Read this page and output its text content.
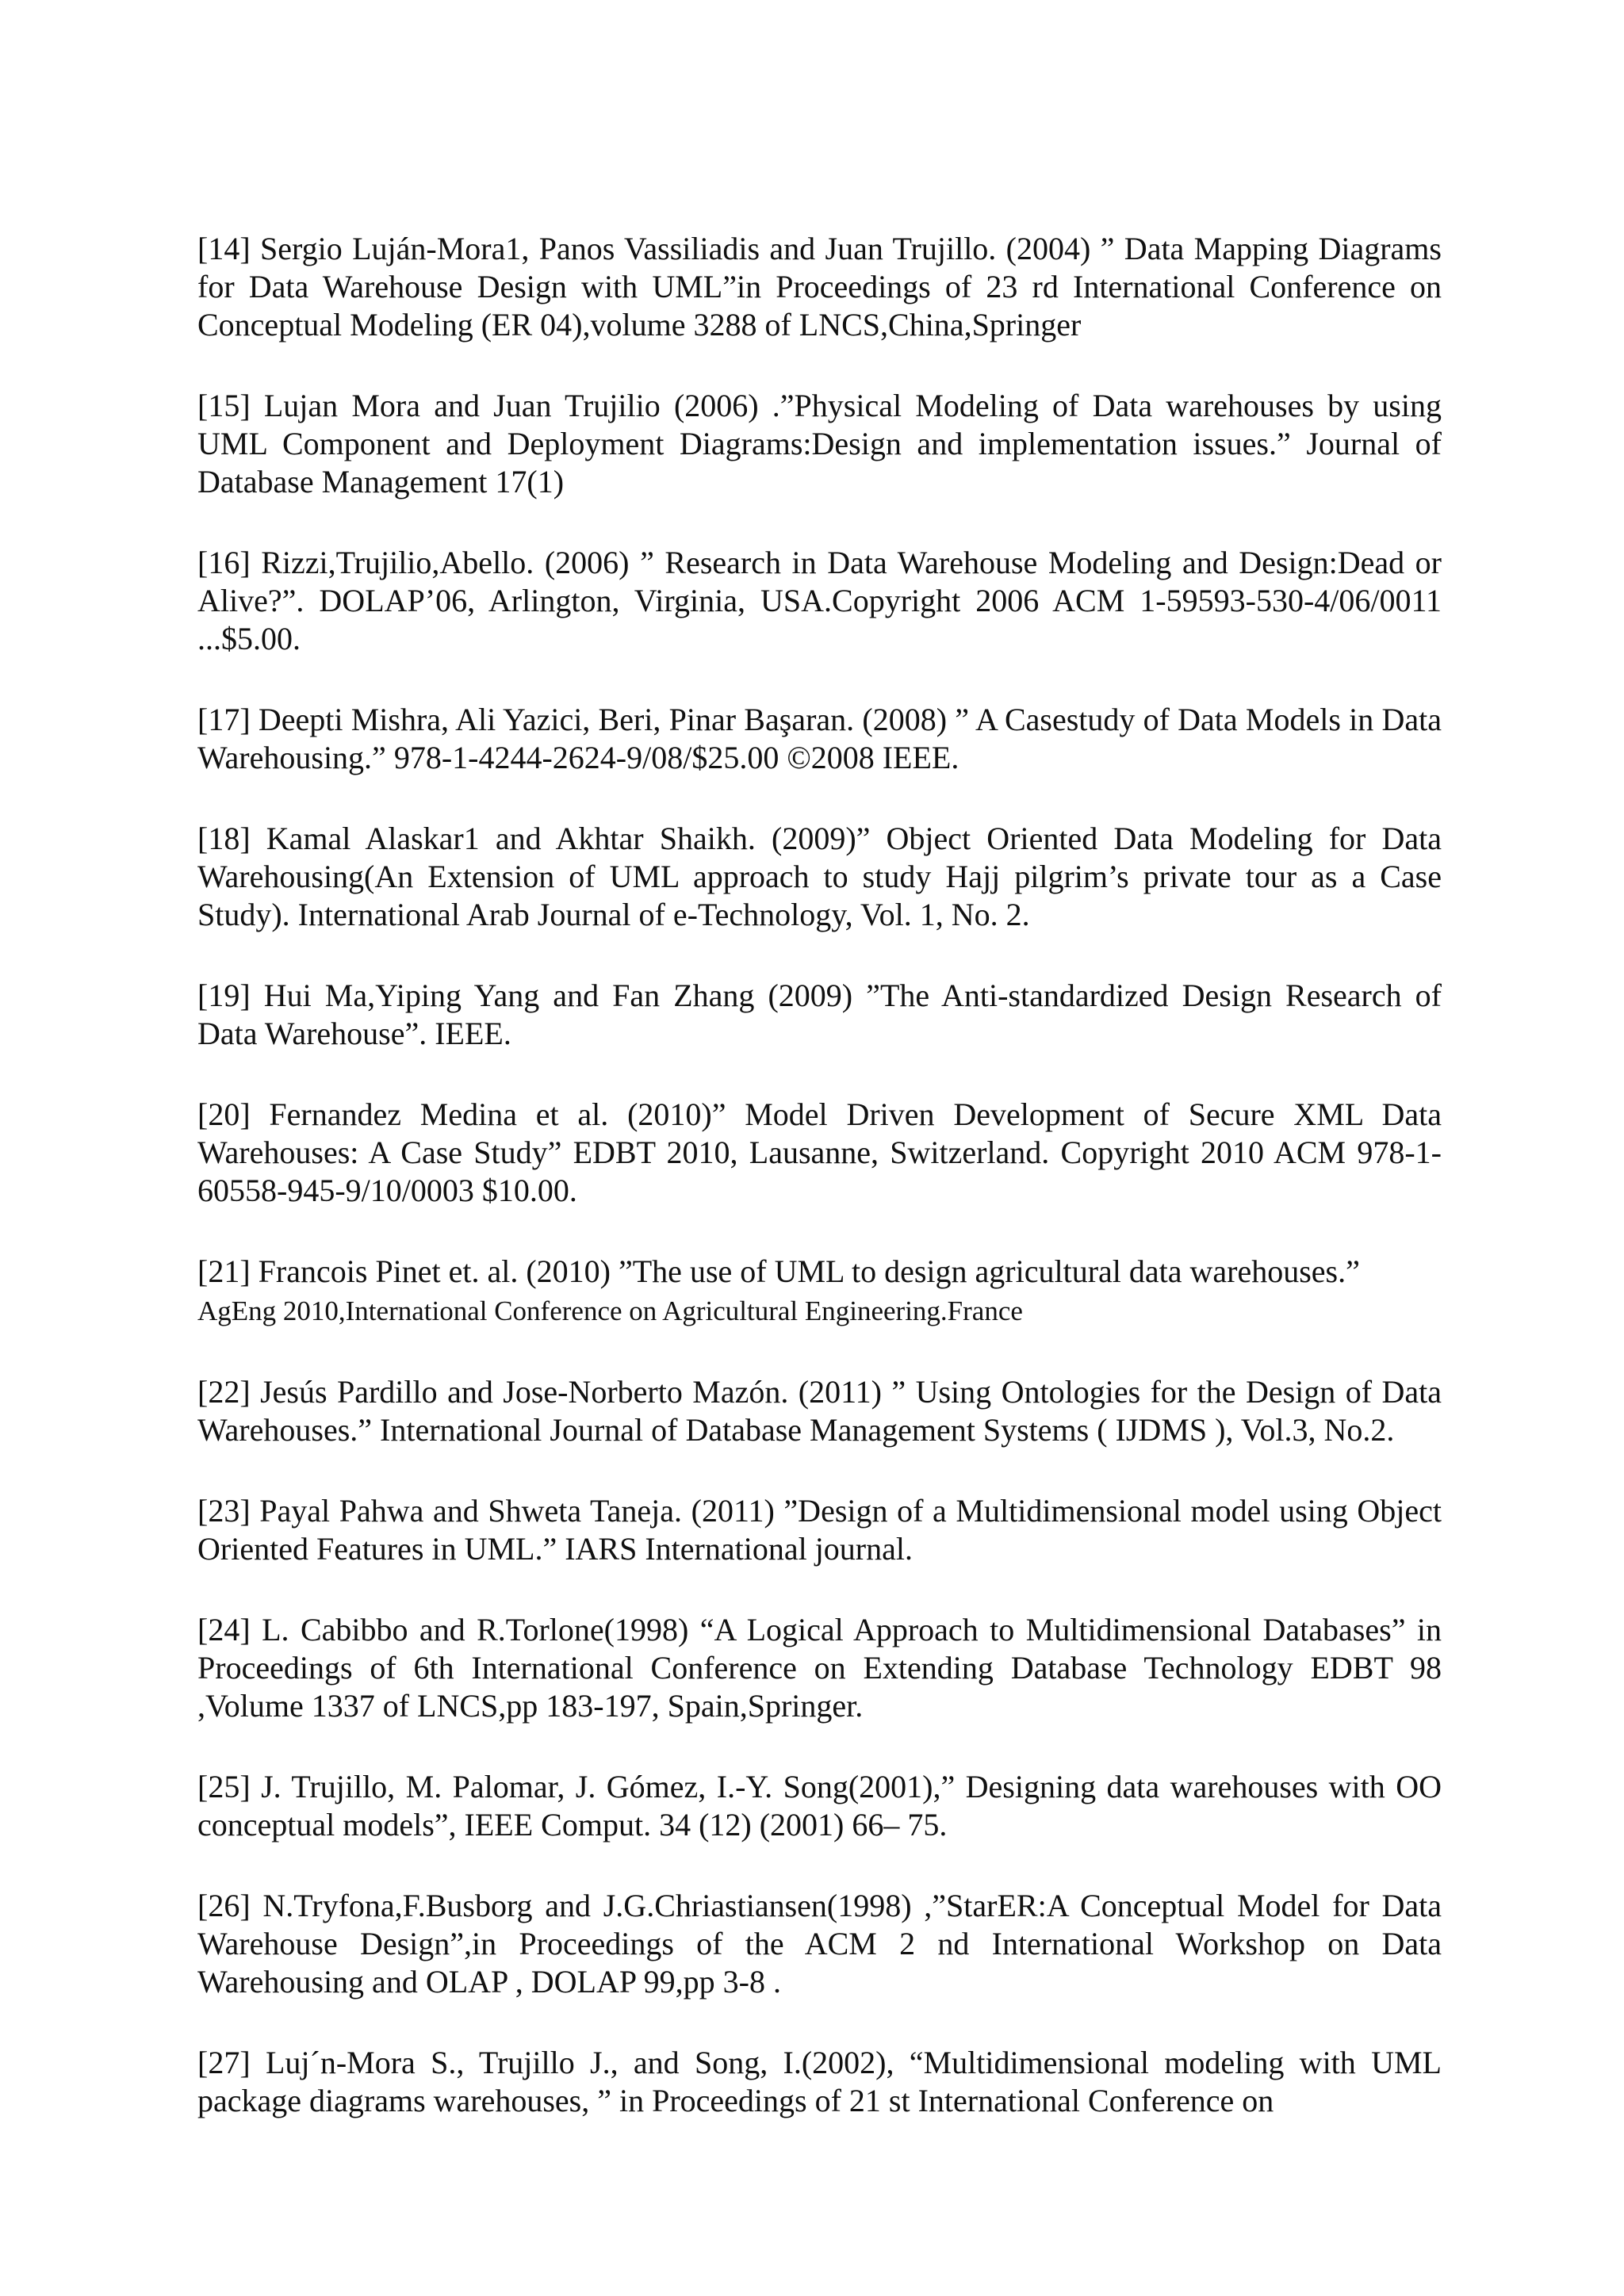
[14] Sergio Luján-Mora1, Panos Vassiliadis and Juan Trujillo. (2004) ” Data Mapping Diagrams for Data Warehouse Design with UML”in Proceedings of 23 rd International Conference on Conceptual Modeling (ER 04),volume 3288 of LNCS,China,Springer

[15] Lujan Mora and Juan Trujilio (2006) .”Physical Modeling of Data warehouses by using UML Component and Deployment Diagrams:Design and implementation issues.” Journal of Database Management 17(1)

[16] Rizzi,Trujilio,Abello. (2006) ” Research in Data Warehouse Modeling and Design:Dead or Alive?”. DOLAP’06, Arlington, Virginia, USA.Copyright 2006 ACM 1-59593-530-4/06/0011 ...$5.00.

[17] Deepti Mishra, Ali Yazici, Beri, Pinar Başaran. (2008) ” A Casestudy of Data Models in Data Warehousing.” 978-1-4244-2624-9/08/$25.00 ©2008 IEEE.

[18] Kamal Alaskar1 and Akhtar Shaikh. (2009)” Object Oriented Data Modeling for Data Warehousing(An Extension of UML approach to study Hajj pilgrim’s private tour as a Case Study). International Arab Journal of e-Technology, Vol. 1, No. 2.

[19] Hui Ma,Yiping Yang and Fan Zhang (2009) ”The Anti-standardized Design Research of Data Warehouse”. IEEE.

[20] Fernandez Medina et al. (2010)” Model Driven Development of Secure XML Data Warehouses: A Case Study” EDBT 2010, Lausanne, Switzerland. Copyright 2010 ACM 978-1-60558-945-9/10/0003 $10.00.

[21] Francois Pinet et. al. (2010) ”The use of UML to design agricultural data warehouses.”
AgEng 2010,International Conference on Agricultural Engineering.France

[22] Jesús Pardillo and Jose-Norberto Mazón. (2011) ” Using Ontologies for the Design of Data Warehouses.” International Journal of Database Management Systems ( IJDMS ), Vol.3, No.2.

[23] Payal Pahwa and Shweta Taneja. (2011) ”Design of a Multidimensional model using Object Oriented Features in UML.” IARS International journal.

[24] L. Cabibbo and R.Torlone(1998) “A Logical Approach to Multidimensional Databases” in Proceedings of 6th International Conference on Extending Database Technology EDBT 98 ,Volume 1337 of LNCS,pp 183-197, Spain,Springer.

[25] J. Trujillo, M. Palomar, J. Gómez, I.-Y. Song(2001),” Designing data warehouses with OO conceptual models”, IEEE Comput. 34 (12) (2001) 66– 75.

[26] N.Tryfona,F.Busborg and J.G.Chriastiansen(1998) ,”StarER:A Conceptual Model for Data Warehouse Design”,in Proceedings of the ACM 2 nd International Workshop on Data Warehousing and OLAP , DOLAP 99,pp 3-8 .

[27] Luj´n-Mora S., Trujillo J., and Song, I.(2002), “Multidimensional modeling with UML package diagrams warehouses, ” in Proceedings of 21 st International Conference on
